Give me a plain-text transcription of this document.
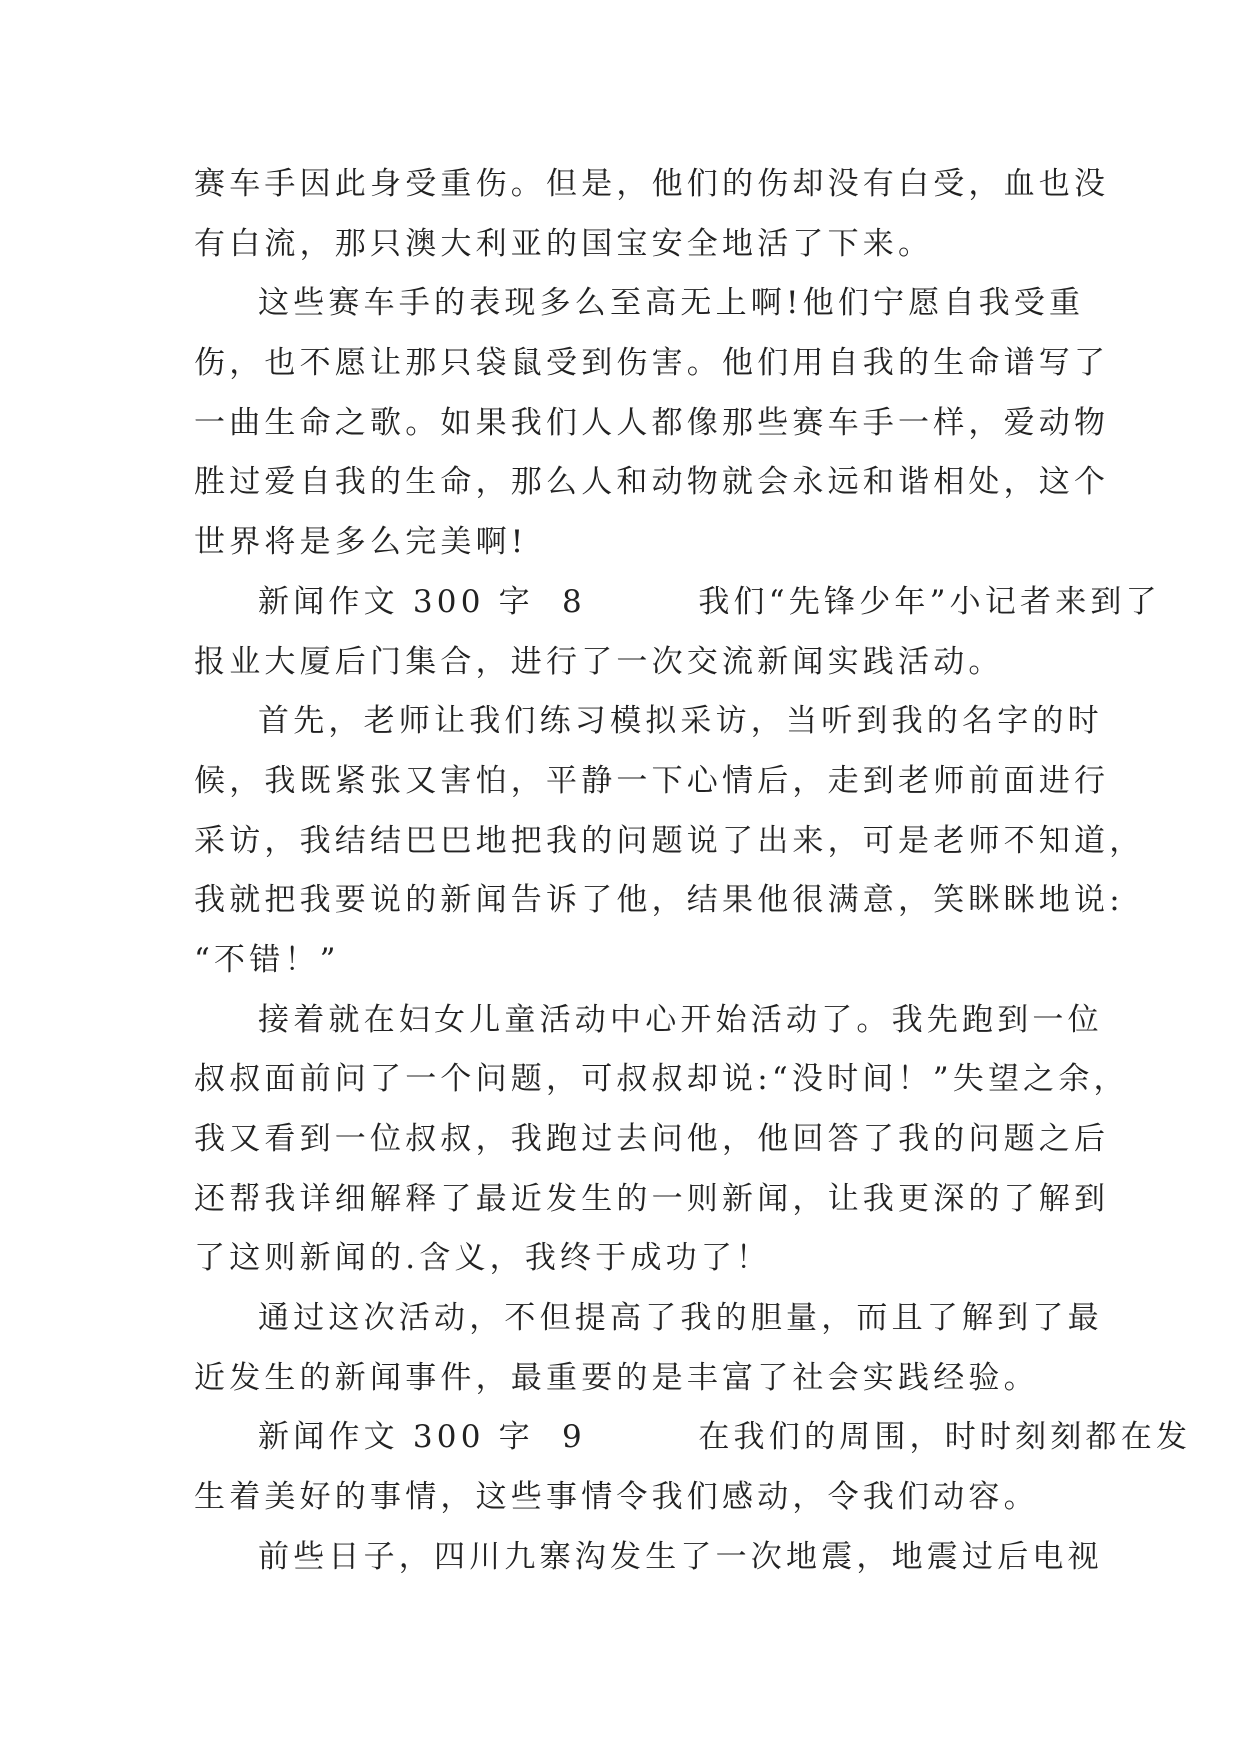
赛车手因此身受重伤。但是，他们的伤却没有白受，血也没
有白流，那只澳大利亚的国宝安全地活了下来。
这些赛车手的表现多么至高无上啊!他们宁愿自我受重
伤，也不愿让那只袋鼠受到伤害。他们用自我的生命谱写了
一曲生命之歌。如果我们人人都像那些赛车手一样，爱动物
胜过爱自我的生命，那么人和动物就会永远和谐相处，这个
世界将是多么完美啊!
新闻作文 300 字  8        我们“先锋少年”小记者来到了
报业大厦后门集合，进行了一次交流新闻实践活动。
首先，老师让我们练习模拟采访，当听到我的名字的时
候，我既紧张又害怕，平静一下心情后，走到老师前面进行
采访，我结结巴巴地把我的问题说了出来，可是老师不知道，
我就把我要说的新闻告诉了他，结果他很满意，笑眯眯地说:
“不错！”
接着就在妇女儿童活动中心开始活动了。我先跑到一位
叔叔面前问了一个问题，可叔叔却说:“没时间！”失望之余，
我又看到一位叔叔，我跑过去问他，他回答了我的问题之后
还帮我详细解释了最近发生的一则新闻，让我更深的了解到
了这则新闻的.含义，我终于成功了！
通过这次活动，不但提高了我的胆量，而且了解到了最
近发生的新闻事件，最重要的是丰富了社会实践经验。
新闻作文 300 字  9        在我们的周围，时时刻刻都在发
生着美好的事情，这些事情令我们感动，令我们动容。
前些日子，四川九寨沟发生了一次地震，地震过后电视
